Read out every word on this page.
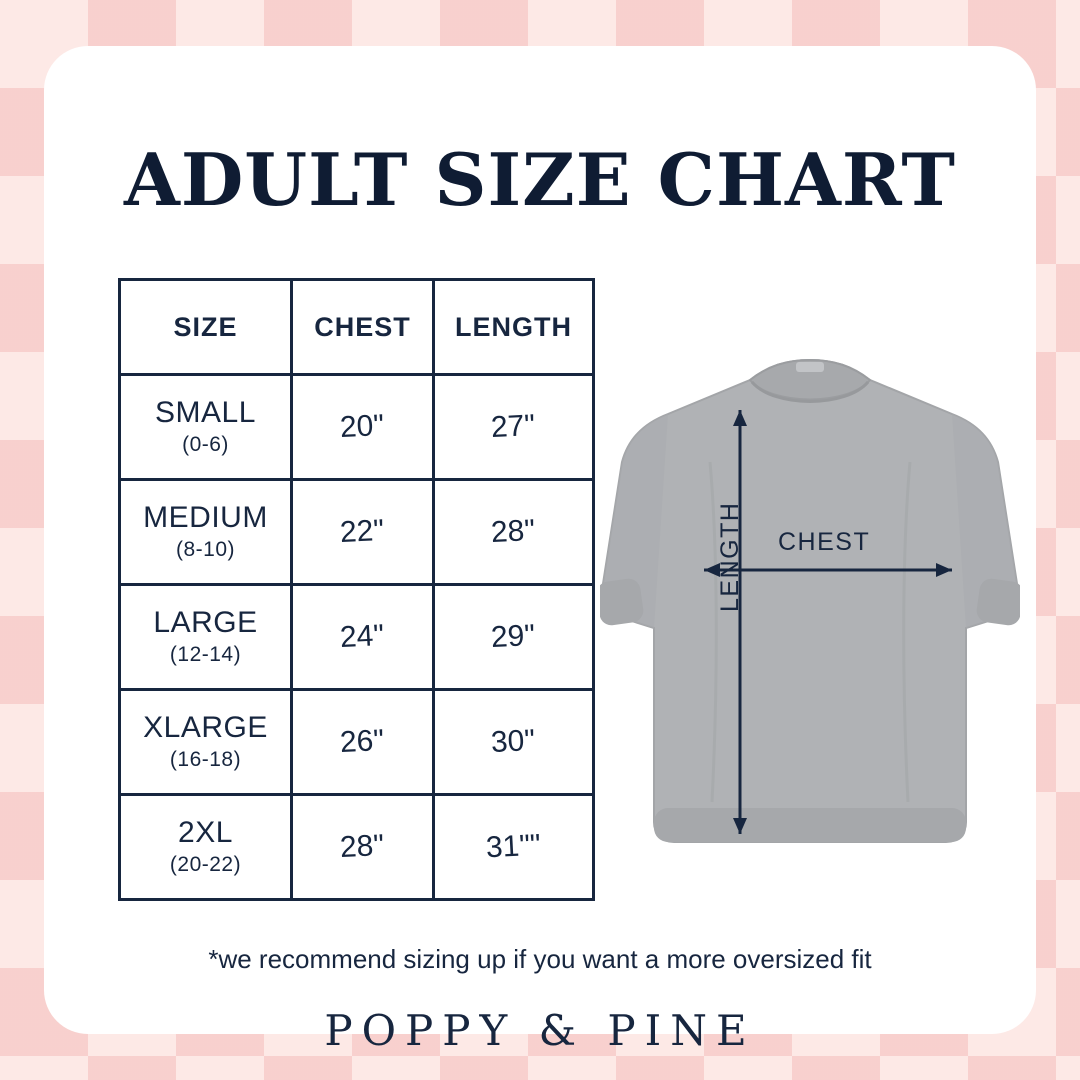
ADULT SIZE CHART
SIZE	CHEST	LENGTH

SMALL
(0-6)	20"	27"

MEDIUM
(8-10)	22"	28"

LARGE
(12-14)	24"	29"

XLARGE
(16-18)	26"	30"

2XL
(20-22)	28"	31""
CHEST
LENGTH
*we recommend sizing up if you want a more oversized fit
POPPY & PINE
